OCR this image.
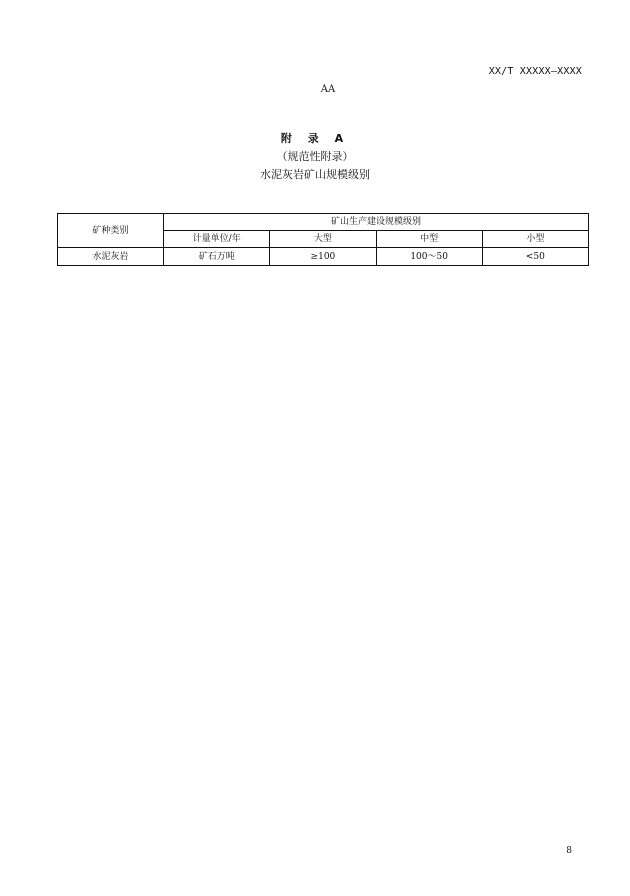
XX/T XXXXX—XXXX
AA
附 录 A
（规范性附录）
水泥灰岩矿山规模级别
矿种类别	矿山生产建设规模级别			
	计量单位/年	大型	中型	小型
水泥灰岩	矿石万吨	≥100	100～50	<50
8
